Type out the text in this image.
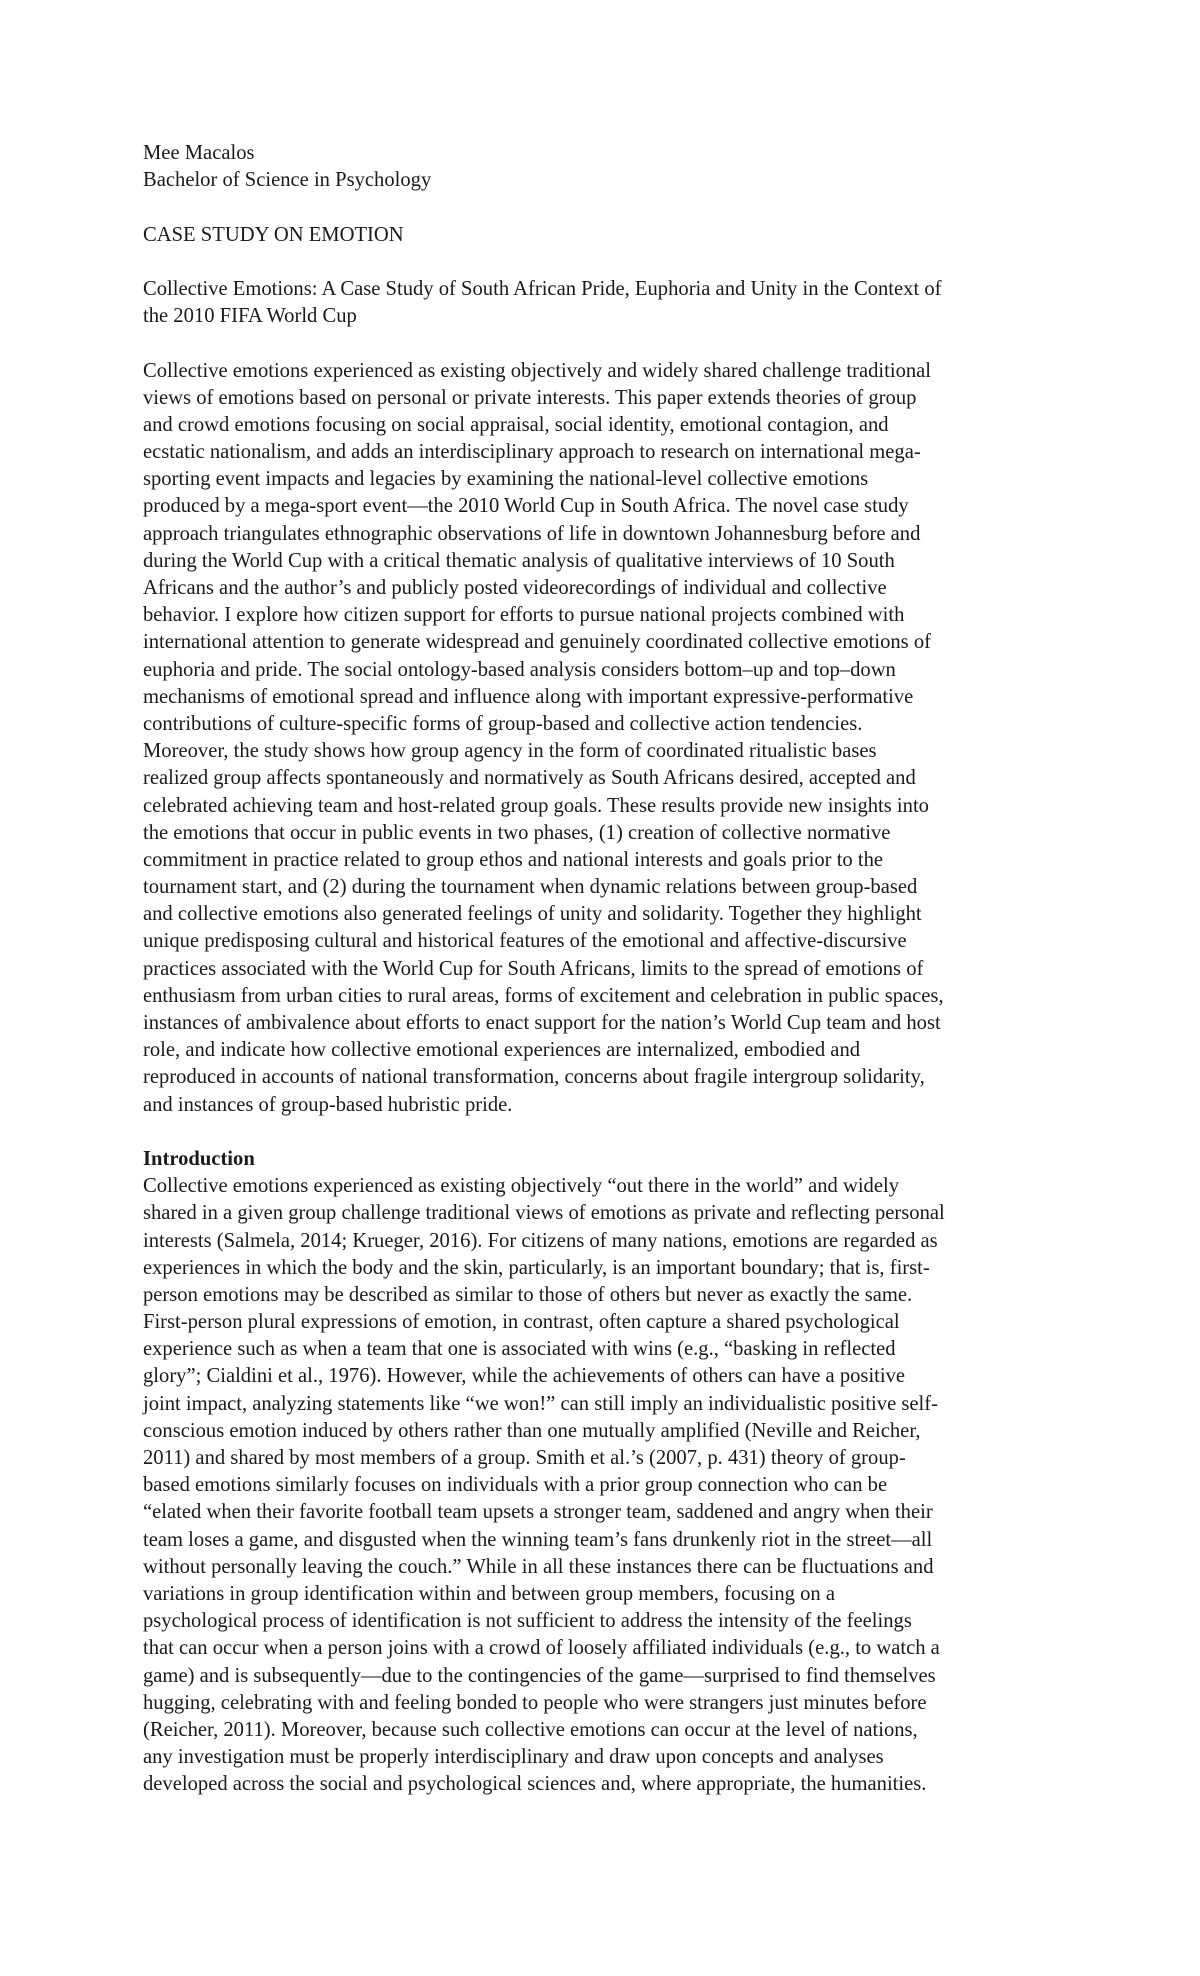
Mee Macalos
Bachelor of Science in Psychology
CASE STUDY ON EMOTION
Collective Emotions: A Case Study of South African Pride, Euphoria and Unity in the Context of
the 2010 FIFA World Cup
Collective emotions experienced as existing objectively and widely shared challenge traditional
views of emotions based on personal or private interests. This paper extends theories of group
and crowd emotions focusing on social appraisal, social identity, emotional contagion, and
ecstatic nationalism, and adds an interdisciplinary approach to research on international mega-
sporting event impacts and legacies by examining the national-level collective emotions
produced by a mega-sport event—the 2010 World Cup in South Africa. The novel case study
approach triangulates ethnographic observations of life in downtown Johannesburg before and
during the World Cup with a critical thematic analysis of qualitative interviews of 10 South
Africans and the author’s and publicly posted videorecordings of individual and collective
behavior. I explore how citizen support for efforts to pursue national projects combined with
international attention to generate widespread and genuinely coordinated collective emotions of
euphoria and pride. The social ontology-based analysis considers bottom–up and top–down
mechanisms of emotional spread and influence along with important expressive-performative
contributions of culture-specific forms of group-based and collective action tendencies.
Moreover, the study shows how group agency in the form of coordinated ritualistic bases
realized group affects spontaneously and normatively as South Africans desired, accepted and
celebrated achieving team and host-related group goals. These results provide new insights into
the emotions that occur in public events in two phases, (1) creation of collective normative
commitment in practice related to group ethos and national interests and goals prior to the
tournament start, and (2) during the tournament when dynamic relations between group-based
and collective emotions also generated feelings of unity and solidarity. Together they highlight
unique predisposing cultural and historical features of the emotional and affective-discursive
practices associated with the World Cup for South Africans, limits to the spread of emotions of
enthusiasm from urban cities to rural areas, forms of excitement and celebration in public spaces,
instances of ambivalence about efforts to enact support for the nation’s World Cup team and host
role, and indicate how collective emotional experiences are internalized, embodied and
reproduced in accounts of national transformation, concerns about fragile intergroup solidarity,
and instances of group-based hubristic pride.
Introduction
Collective emotions experienced as existing objectively “out there in the world” and widely
shared in a given group challenge traditional views of emotions as private and reflecting personal
interests (Salmela, 2014; Krueger, 2016). For citizens of many nations, emotions are regarded as
experiences in which the body and the skin, particularly, is an important boundary; that is, first-
person emotions may be described as similar to those of others but never as exactly the same.
First-person plural expressions of emotion, in contrast, often capture a shared psychological
experience such as when a team that one is associated with wins (e.g., “basking in reflected
glory”; Cialdini et al., 1976). However, while the achievements of others can have a positive
joint impact, analyzing statements like “we won!” can still imply an individualistic positive self-
conscious emotion induced by others rather than one mutually amplified (Neville and Reicher,
2011) and shared by most members of a group. Smith et al.’s (2007, p. 431) theory of group-
based emotions similarly focuses on individuals with a prior group connection who can be
“elated when their favorite football team upsets a stronger team, saddened and angry when their
team loses a game, and disgusted when the winning team’s fans drunkenly riot in the street—all
without personally leaving the couch.” While in all these instances there can be fluctuations and
variations in group identification within and between group members, focusing on a
psychological process of identification is not sufficient to address the intensity of the feelings
that can occur when a person joins with a crowd of loosely affiliated individuals (e.g., to watch a
game) and is subsequently—due to the contingencies of the game—surprised to find themselves
hugging, celebrating with and feeling bonded to people who were strangers just minutes before
(Reicher, 2011). Moreover, because such collective emotions can occur at the level of nations,
any investigation must be properly interdisciplinary and draw upon concepts and analyses
developed across the social and psychological sciences and, where appropriate, the humanities.
